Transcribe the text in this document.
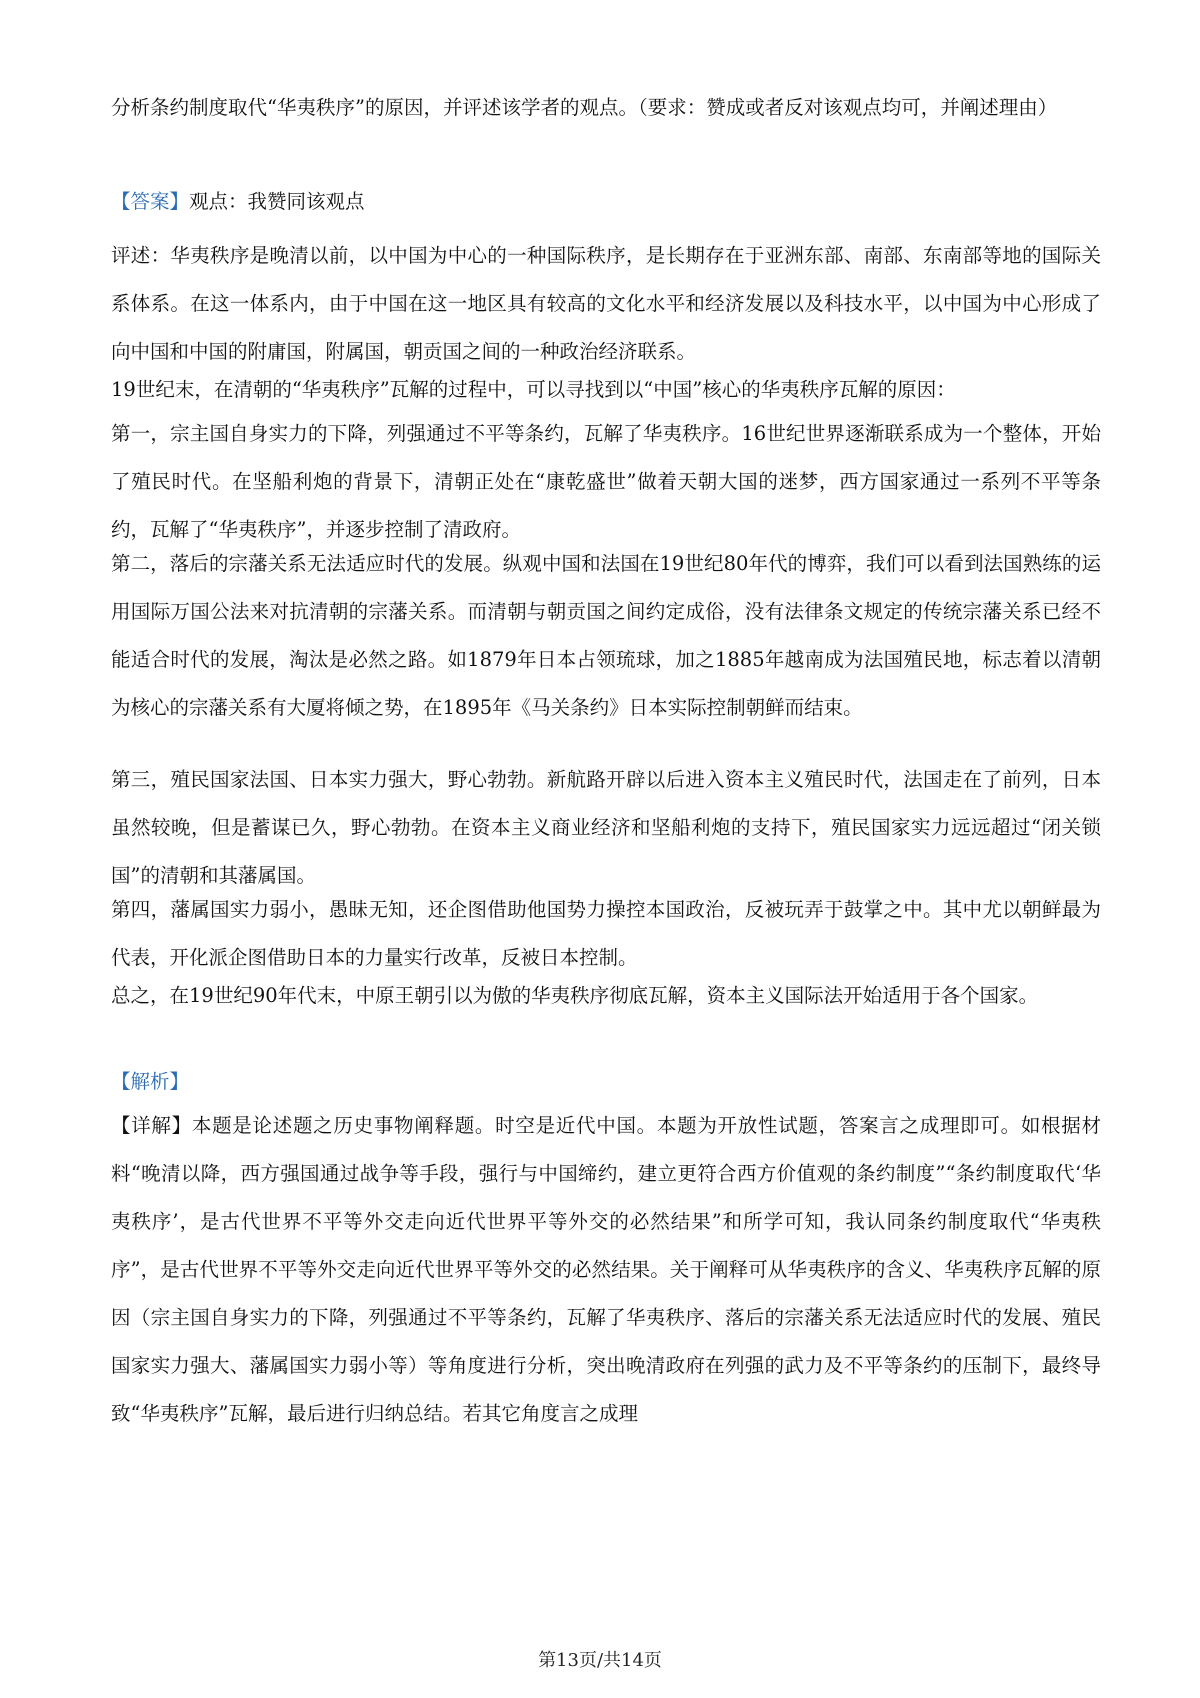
分析条约制度取代“华夷秩序”的原因，并评述该学者的观点。（要求：赞成或者反对该观点均可，并阐述理由）

【答案】观点：我赞同该观点

评述：华夷秩序是晚清以前，以中国为中心的一种国际秩序，是长期存在于亚洲东部、南部、东南部等地的国际关系体系。在这一体系内，由于中国在这一地区具有较高的文化水平和经济发展以及科技水平，以中国为中心形成了向中国和中国的附庸国，附属国，朝贡国之间的一种政治经济联系。

19世纪末，在清朝的“华夷秩序”瓦解的过程中，可以寻找到以“中国”核心的华夷秩序瓦解的原因：

第一，宗主国自身实力的下降，列强通过不平等条约，瓦解了华夷秩序。16世纪世界逐渐联系成为一个整体，开始了殖民时代。在坚船利炮的背景下，清朝正处在“康乾盛世”做着天朝大国的迷梦，西方国家通过一系列不平等条约，瓦解了“华夷秩序”，并逐步控制了清政府。

第二，落后的宗藩关系无法适应时代的发展。纵观中国和法国在19世纪80年代的博弈，我们可以看到法国熟练的运用国际万国公法来对抗清朝的宗藩关系。而清朝与朝贡国之间约定成俗，没有法律条文规定的传统宗藩关系已经不能适合时代的发展，淘汰是必然之路。如1879年日本占领琉球，加之1885年越南成为法国殖民地，标志着以清朝为核心的宗藩关系有大厦将倾之势，在1895年《马关条约》日本实际控制朝鲜而结束。

第三，殖民国家法国、日本实力强大，野心勃勃。新航路开辟以后进入资本主义殖民时代，法国走在了前列，日本虽然较晚，但是蓄谋已久，野心勃勃。在资本主义商业经济和坚船利炮的支持下，殖民国家实力远远超过“闭关锁国”的清朝和其藩属国。

第四，藩属国实力弱小，愚昧无知，还企图借助他国势力操控本国政治，反被玩弄于鼓掌之中。其中尤以朝鲜最为代表，开化派企图借助日本的力量实行改革，反被日本控制。

总之，在19世纪90年代末，中原王朝引以为傲的华夷秩序彻底瓦解，资本主义国际法开始适用于各个国家。

【解析】

【详解】本题是论述题之历史事物阐释题。时空是近代中国。本题为开放性试题，答案言之成理即可。如根据材料“晚清以降，西方强国通过战争等手段，强行与中国缔约，建立更符合西方价值观的条约制度”“条约制度取代‘华夷秩序’，是古代世界不平等外交走向近代世界平等外交的必然结果”和所学可知，我认同条约制度取代“华夷秩序”，是古代世界不平等外交走向近代世界平等外交的必然结果。关于阐释可从华夷秩序的含义、华夷秩序瓦解的原因（宗主国自身实力的下降，列强通过不平等条约，瓦解了华夷秩序、落后的宗藩关系无法适应时代的发展、殖民国家实力强大、藩属国实力弱小等）等角度进行分析，突出晚清政府在列强的武力及不平等条约的压制下，最终导致“华夷秩序”瓦解，最后进行归纳总结。若其它角度言之成理

第13页/共14页
